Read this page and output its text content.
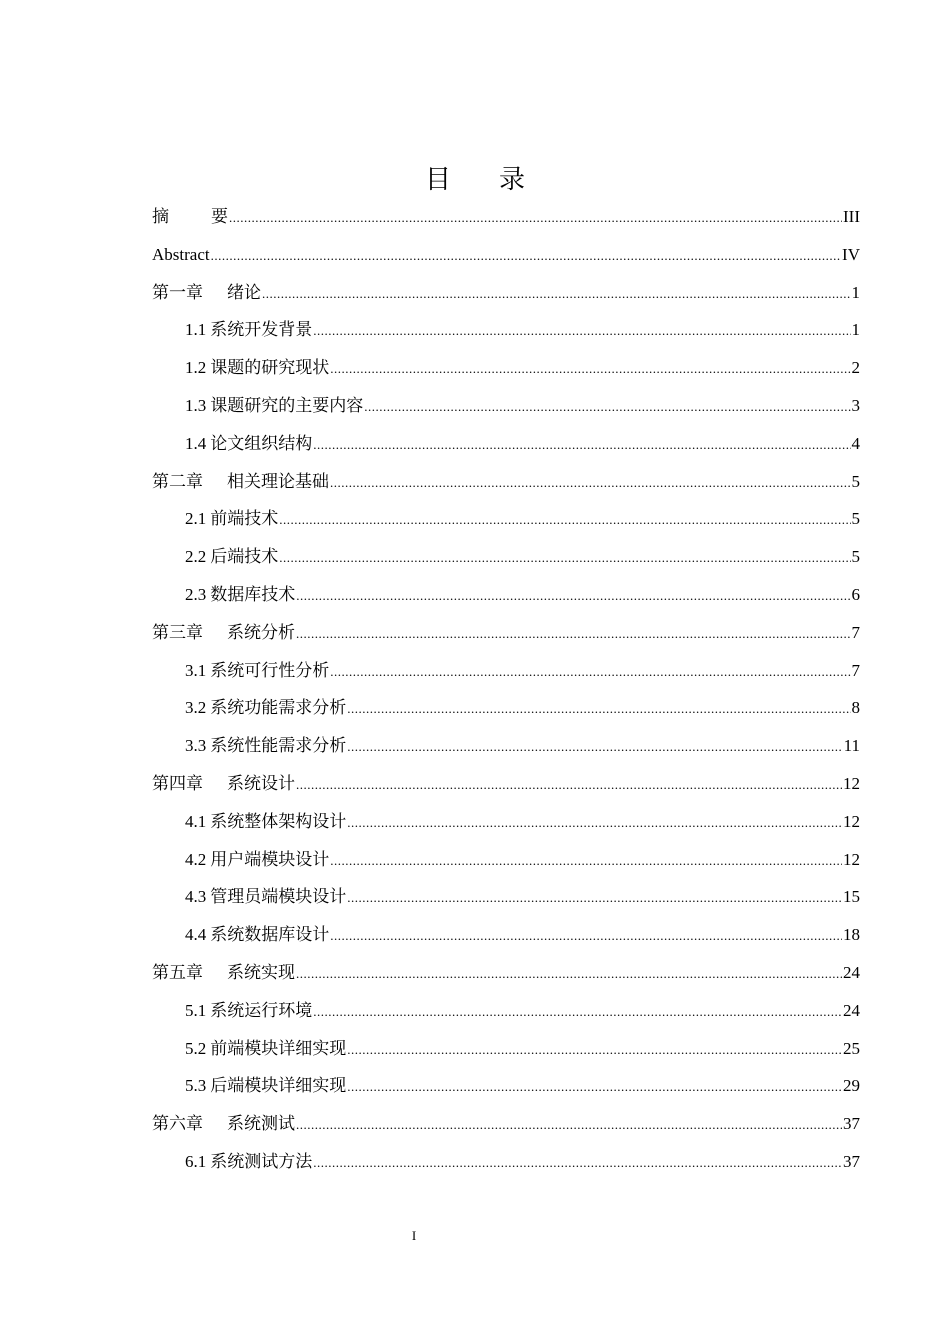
目 录
摘 要 .....	III
Abstract .....	IV
第一章 绪论 .....	1
1.1 系统开发背景 .....	1
1.2 课题的研究现状 .....	2
1.3 课题研究的主要内容 .....	3
1.4 论文组织结构 .....	4
第二章 相关理论基础 .....	5
2.1 前端技术 .....	5
2.2 后端技术 .....	5
2.3 数据库技术 .....	6
第三章 系统分析 .....	7
3.1 系统可行性分析 .....	7
3.2 系统功能需求分析 .....	8
3.3 系统性能需求分析 .....	11
第四章 系统设计 .....	12
4.1 系统整体架构设计 .....	12
4.2 用户端模块设计 .....	12
4.3 管理员端模块设计 .....	15
4.4 系统数据库设计 .....	18
第五章 系统实现 .....	24
5.1 系统运行环境 .....	24
5.2 前端模块详细实现 .....	25
5.3 后端模块详细实现 .....	29
第六章 系统测试 .....	37
6.1 系统测试方法 .....	37
I
